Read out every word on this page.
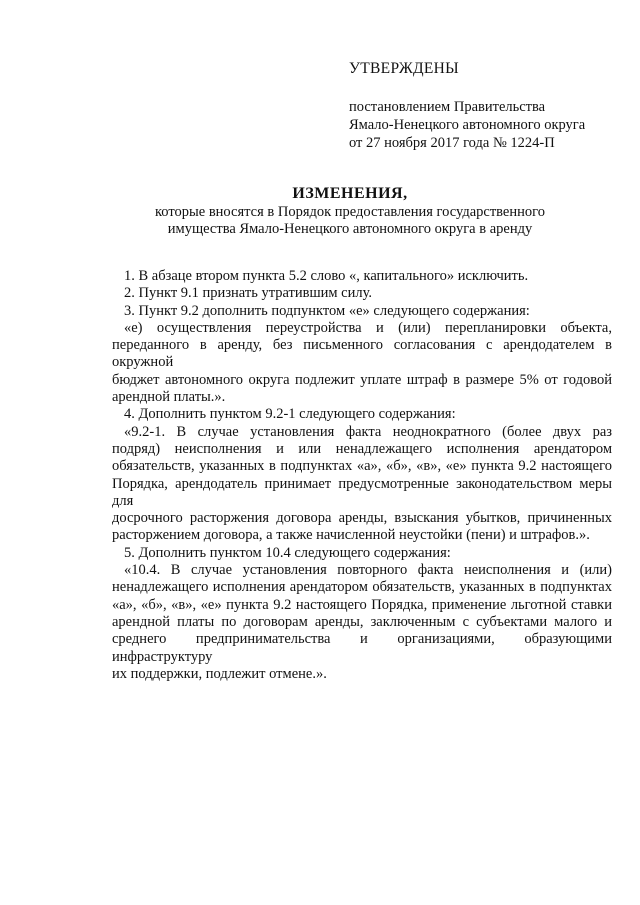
УТВЕРЖДЕНЫ
постановлением Правительства
Ямало-Ненецкого автономного округа
от 27 ноября 2017 года № 1224-П
ИЗМЕНЕНИЯ,
которые вносятся в Порядок предоставления государственного
имущества Ямало-Ненецкого автономного округа в аренду
1. В абзаце втором пункта 5.2 слово «, капитального» исключить.
2. Пункт 9.1 признать утратившим силу.
3. Пункт 9.2 дополнить подпунктом «е» следующего содержания:
«е) осуществления переустройства и (или) перепланировки объекта,
переданного в аренду, без письменного согласования с арендодателем в окружной
бюджет автономного округа подлежит уплате штраф в размере 5% от годовой
арендной платы.».
4. Дополнить пунктом 9.2-1 следующего содержания:
«9.2-1. В случае установления факта неоднократного (более двух раз
подряд) неисполнения и или ненадлежащего исполнения арендатором
обязательств, указанных в подпунктах «а», «б», «в», «е» пункта 9.2 настоящего
Порядка, арендодатель принимает предусмотренные законодательством меры для
досрочного расторжения договора аренды, взыскания убытков, причиненных
расторжением договора, а также начисленной неустойки (пени) и штрафов.».
5. Дополнить пунктом 10.4 следующего содержания:
«10.4. В случае установления повторного факта неисполнения и (или)
ненадлежащего исполнения арендатором обязательств, указанных в подпунктах
«а», «б», «в», «е» пункта 9.2 настоящего Порядка, применение льготной ставки
арендной платы по договорам аренды, заключенным с субъектами малого и
среднего предпринимательства и организациями, образующими инфраструктуру
их поддержки, подлежит отмене.».
